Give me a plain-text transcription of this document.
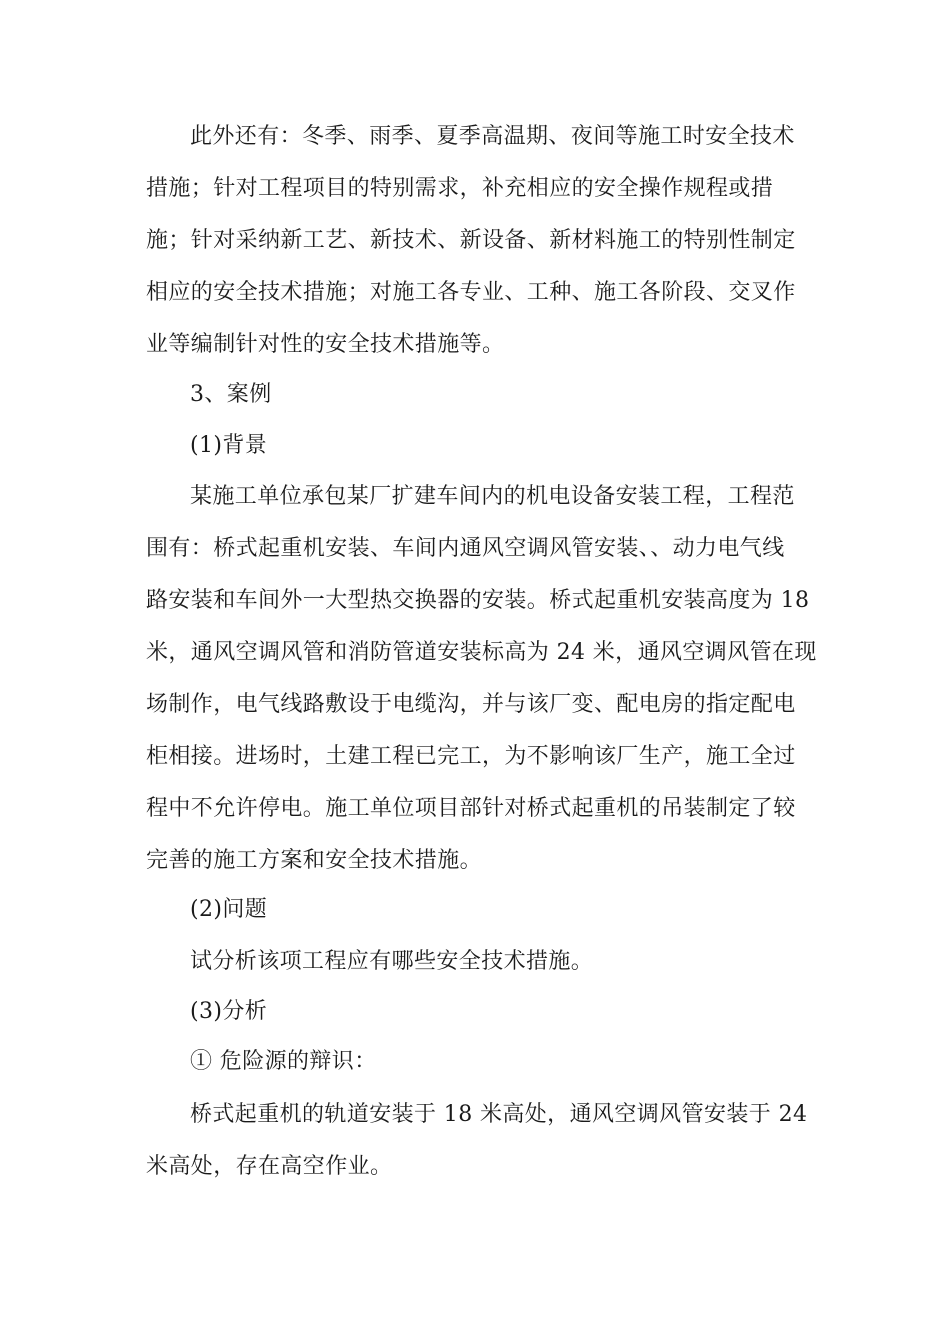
此外还有：冬季、雨季、夏季高温期、夜间等施工时安全技术
措施；针对工程项目的特别需求，补充相应的安全操作规程或措
施；针对采纳新工艺、新技术、新设备、新材料施工的特别性制定
相应的安全技术措施；对施工各专业、工种、施工各阶段、交叉作
业等编制针对性的安全技术措施等。
3、案例
(1)背景
某施工单位承包某厂扩建车间内的机电设备安装工程，工程范
围有：桥式起重机安装、车间内通风空调风管安装、、动力电气线
路安装和车间外一大型热交换器的安装。桥式起重机安装高度为 18
米，通风空调风管和消防管道安装标高为 24 米，通风空调风管在现
场制作，电气线路敷设于电缆沟，并与该厂变、配电房的指定配电
柜相接。进场时，土建工程已完工，为不影响该厂生产，施工全过
程中不允许停电。施工单位项目部针对桥式起重机的吊装制定了较
完善的施工方案和安全技术措施。
(2)问题
试分析该项工程应有哪些安全技术措施。
(3)分析
① 危险源的辩识：
桥式起重机的轨道安装于 18 米高处，通风空调风管安装于 24
米高处，存在高空作业。
